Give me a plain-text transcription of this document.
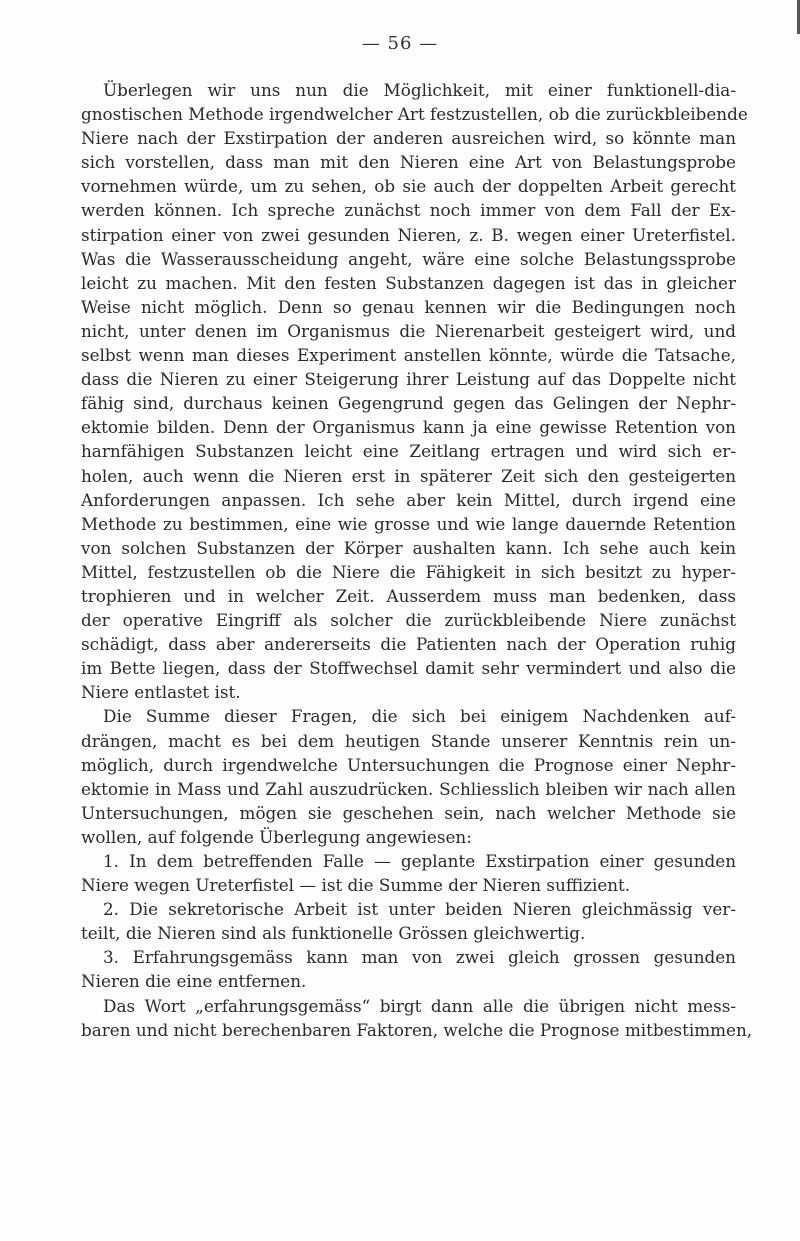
— 56 —
Überlegen wir uns nun die Möglichkeit, mit einer funktionell-dia-
gnostischen Methode irgendwelcher Art festzustellen, ob die zurückbleibende
Niere nach der Exstirpation der anderen ausreichen wird, so könnte man
sich vorstellen, dass man mit den Nieren eine Art von Belastungsprobe
vornehmen würde, um zu sehen, ob sie auch der doppelten Arbeit gerecht
werden können. Ich spreche zunächst noch immer von dem Fall der Ex-
stirpation einer von zwei gesunden Nieren, z. B. wegen einer Ureterfistel.
Was die Wasserausscheidung angeht, wäre eine solche Belastungssprobe
leicht zu machen. Mit den festen Substanzen dagegen ist das in gleicher
Weise nicht möglich. Denn so genau kennen wir die Bedingungen noch
nicht, unter denen im Organismus die Nierenarbeit gesteigert wird, und
selbst wenn man dieses Experiment anstellen könnte, würde die Tatsache,
dass die Nieren zu einer Steigerung ihrer Leistung auf das Doppelte nicht
fähig sind, durchaus keinen Gegengrund gegen das Gelingen der Nephr-
ektomie bilden. Denn der Organismus kann ja eine gewisse Retention von
harnfähigen Substanzen leicht eine Zeitlang ertragen und wird sich er-
holen, auch wenn die Nieren erst in späterer Zeit sich den gesteigerten
Anforderungen anpassen. Ich sehe aber kein Mittel, durch irgend eine
Methode zu bestimmen, eine wie grosse und wie lange dauernde Retention
von solchen Substanzen der Körper aushalten kann. Ich sehe auch kein
Mittel, festzustellen ob die Niere die Fähigkeit in sich besitzt zu hyper-
trophieren und in welcher Zeit. Ausserdem muss man bedenken, dass
der operative Eingriff als solcher die zurückbleibende Niere zunächst
schädigt, dass aber andererseits die Patienten nach der Operation ruhig
im Bette liegen, dass der Stoffwechsel damit sehr vermindert und also die
Niere entlastet ist.
Die Summe dieser Fragen, die sich bei einigem Nachdenken auf-
drängen, macht es bei dem heutigen Stande unserer Kenntnis rein un-
möglich, durch irgendwelche Untersuchungen die Prognose einer Nephr-
ektomie in Mass und Zahl auszudrücken. Schliesslich bleiben wir nach allen
Untersuchungen, mögen sie geschehen sein, nach welcher Methode sie
wollen, auf folgende Überlegung angewiesen:
1. In dem betreffenden Falle — geplante Exstirpation einer gesunden
Niere wegen Ureterfistel — ist die Summe der Nieren suffizient.
2. Die sekretorische Arbeit ist unter beiden Nieren gleichmässig ver-
teilt, die Nieren sind als funktionelle Grössen gleichwertig.
3. Erfahrungsgemäss kann man von zwei gleich grossen gesunden
Nieren die eine entfernen.
Das Wort „erfahrungsgemäss“ birgt dann alle die übrigen nicht mess-
baren und nicht berechenbaren Faktoren, welche die Prognose mitbestimmen,
